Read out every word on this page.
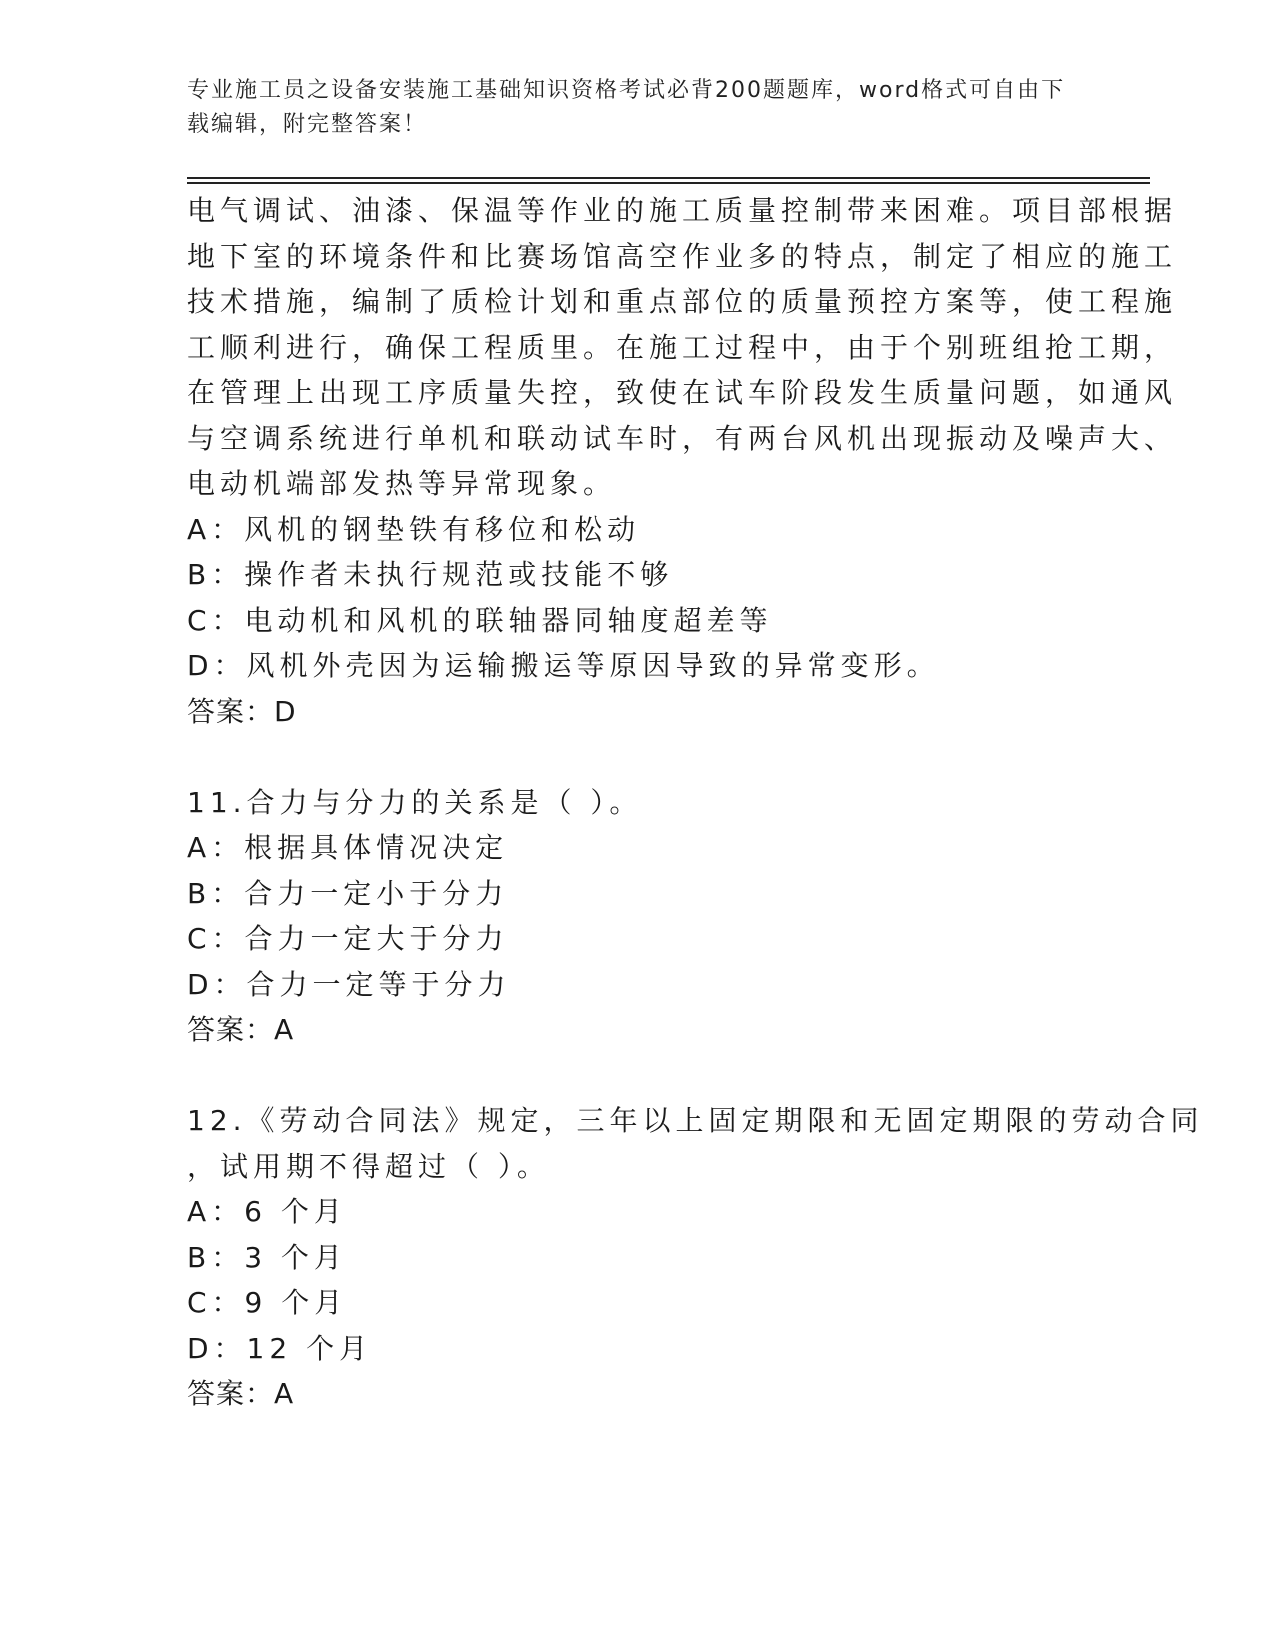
专业施工员之设备安装施工基础知识资格考试必背200题题库，word格式可自由下载编辑，附完整答案！
电气调试、油漆、保温等作业的施工质量控制带来困难。项目部根据
地下室的环境条件和比赛场馆高空作业多的特点，制定了相应的施工
技术措施，编制了质检计划和重点部位的质量预控方案等，使工程施
工顺利进行，确保工程质里。在施工过程中，由于个别班组抢工期，
在管理上出现工序质量失控，致使在试车阶段发生质量问题，如通风
与空调系统进行单机和联动试车时，有两台风机出现振动及噪声大、
电动机端部发热等异常现象。
A：风机的钢垫铁有移位和松动
B：操作者未执行规范或技能不够
C：电动机和风机的联轴器同轴度超差等
D：风机外壳因为运输搬运等原因导致的异常变形。
答案：D
11.合力与分力的关系是（ ）。
A：根据具体情况决定
B：合力一定小于分力
C：合力一定大于分力
D：合力一定等于分力
答案：A
12.《劳动合同法》规定，三年以上固定期限和无固定期限的劳动合同
，试用期不得超过（ ）。
A：6 个月
B：3 个月
C：9 个月
D：12 个月
答案：A
